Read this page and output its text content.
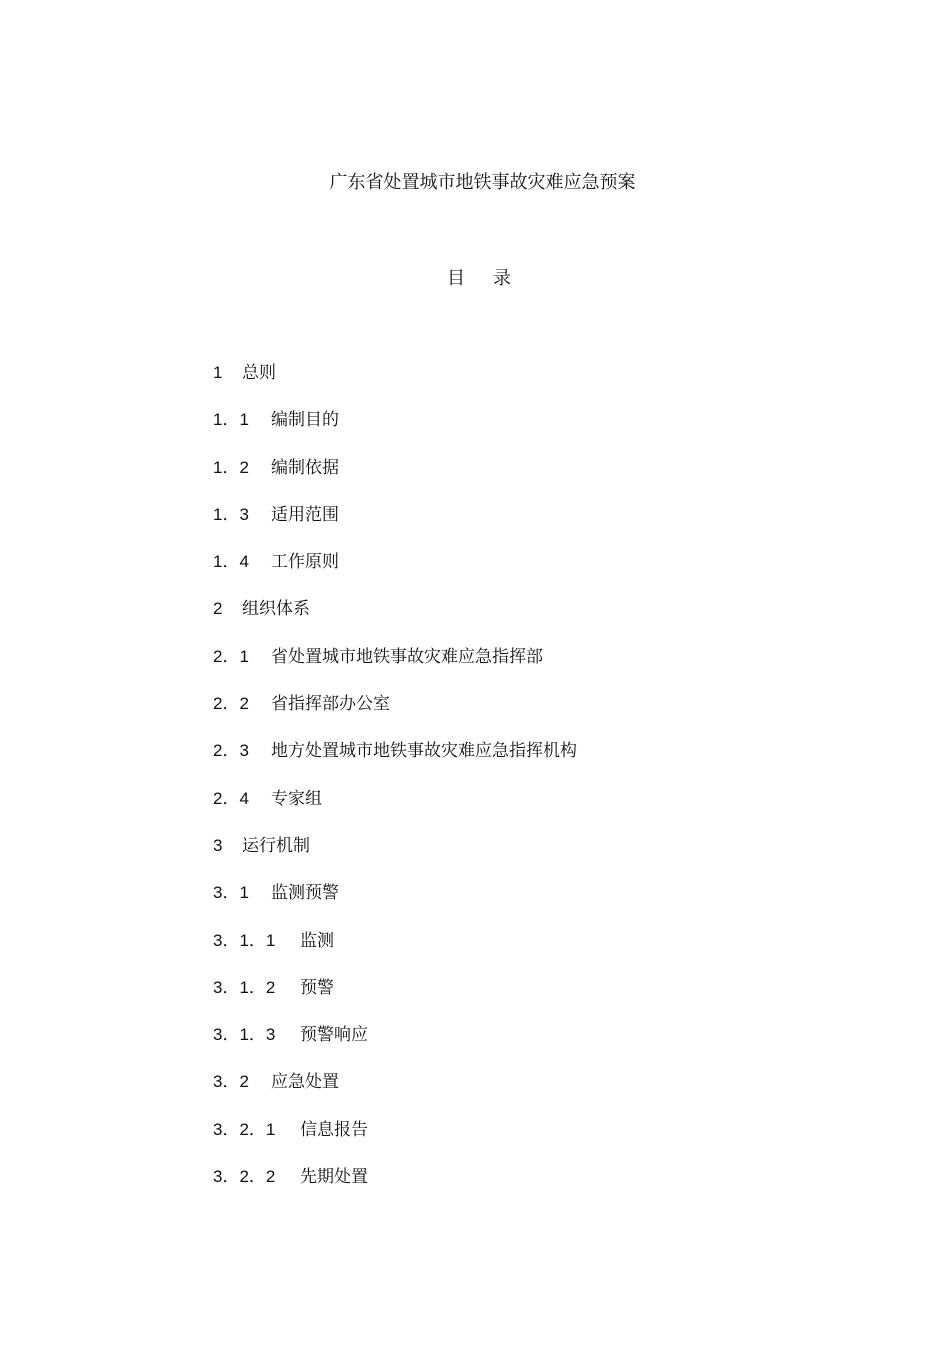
广东省处置城市地铁事故灾难应急预案
目 录
1 总则
1．1 编制目的
1．2 编制依据
1．3 适用范围
1．4 工作原则
2 组织体系
2．1 省处置城市地铁事故灾难应急指挥部
2．2 省指挥部办公室
2．3 地方处置城市地铁事故灾难应急指挥机构
2．4 专家组
3 运行机制
3．1 监测预警
3．1．1 监测
3．1．2 预警
3．1．3 预警响应
3．2 应急处置
3．2．1 信息报告
3．2．2 先期处置
